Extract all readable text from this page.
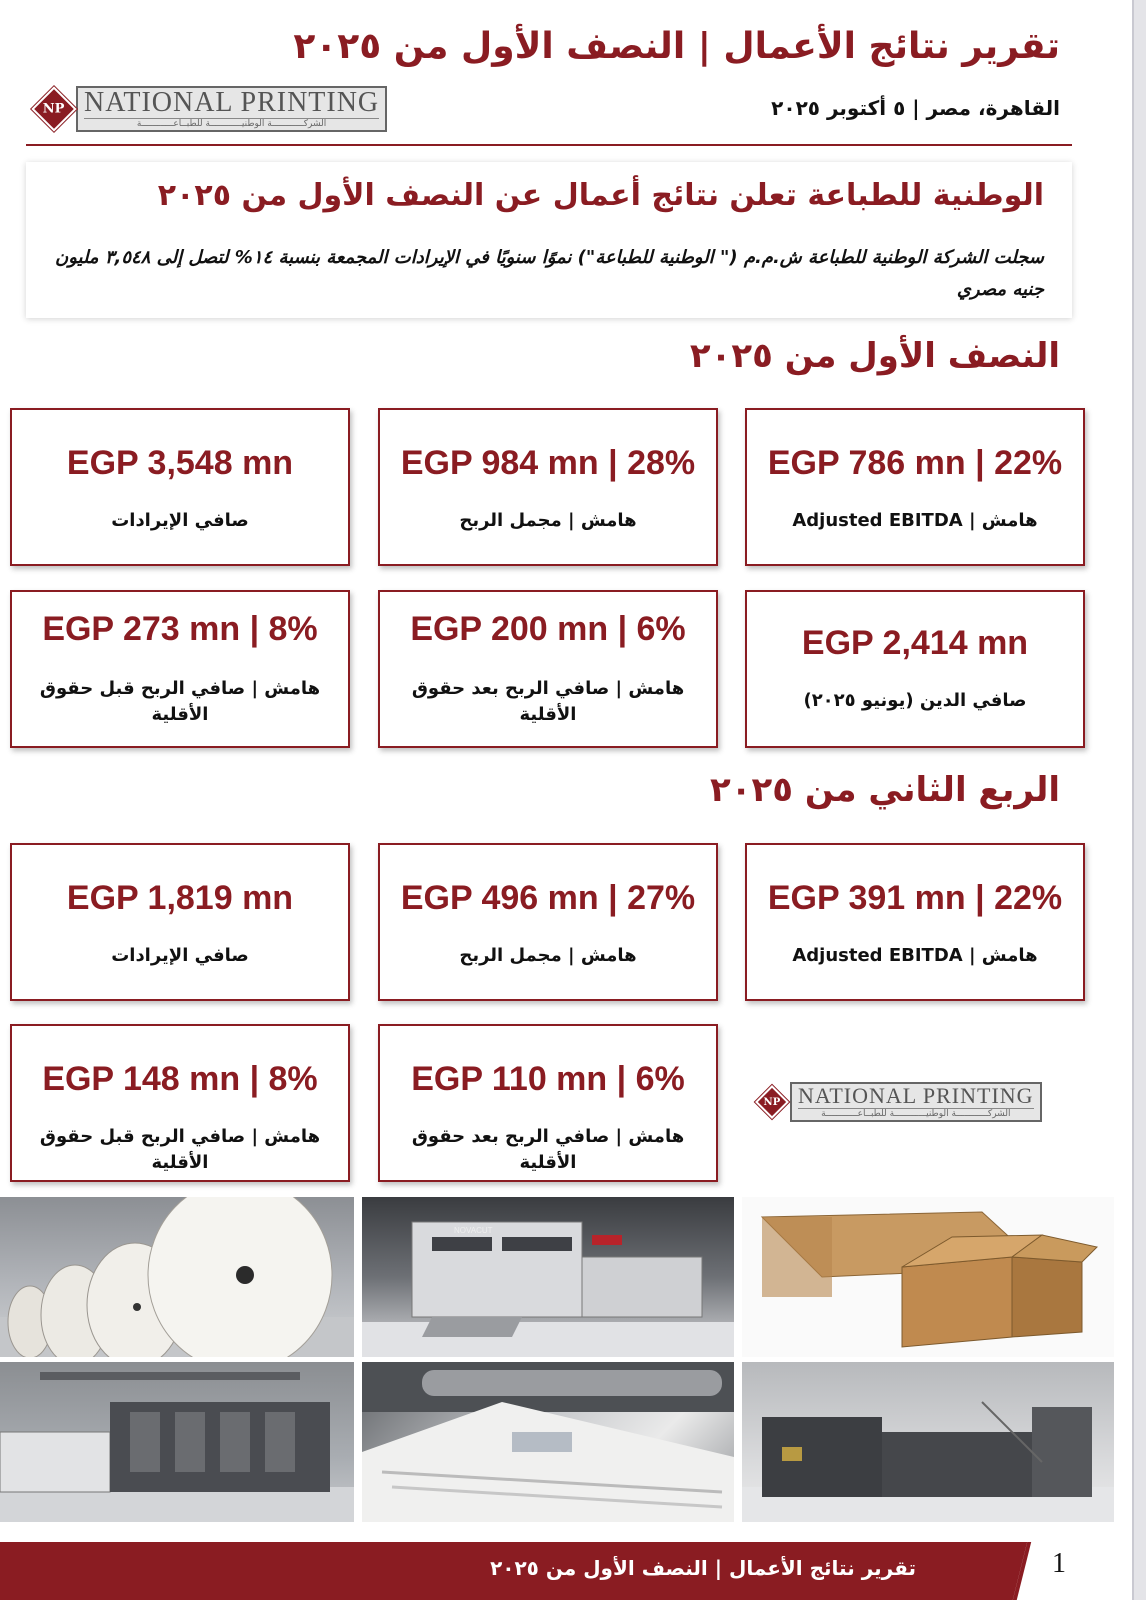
تقرير نتائج الأعمال | النصف الأول من ٢٠٢٥
القاهرة، مصر | ٥ أكتوبر ٢٠٢٥
NP NATIONAL PRINTING
الشركــــــــــــة الوطنيــــــــــــة للطبــاعــــــــــــة
الوطنية للطباعة تعلن نتائج أعمال عن النصف الأول من ٢٠٢٥
سجلت الشركة الوطنية للطباعة ش.م.م (" الوطنية للطباعة") نموًا سنويًا في الإيرادات المجمعة بنسبة ١٤% لتصل إلى ٣,٥٤٨ مليون جنيه مصري
النصف الأول من ٢٠٢٥
EGP 3,548 mn
صافي الإيرادات
EGP 984 mn | 28%
هامش | مجمل الربح
EGP 786 mn | 22%
هامش | Adjusted EBITDA
EGP 273 mn | 8%
هامش | صافي الربح قبل حقوق الأقلية
EGP 200 mn | 6%
هامش | صافي الربح بعد حقوق الأقلية
EGP 2,414 mn
صافي الدين (يونيو ٢٠٢٥)
الربع الثاني من ٢٠٢٥
EGP 1,819 mn
صافي الإيرادات
EGP 496 mn | 27%
هامش | مجمل الربح
EGP 391 mn | 22%
هامش | Adjusted EBITDA
EGP 148 mn | 8%
هامش | صافي الربح قبل حقوق الأقلية
EGP 110 mn | 6%
هامش | صافي الربح بعد حقوق الأقلية
NP NATIONAL PRINTING
الشركــــــــــــة الوطنيــــــــــــة للطبــاعــــــــــــة
NOVACUT
تقرير نتائج الأعمال | النصف الأول من ٢٠٢٥	1
